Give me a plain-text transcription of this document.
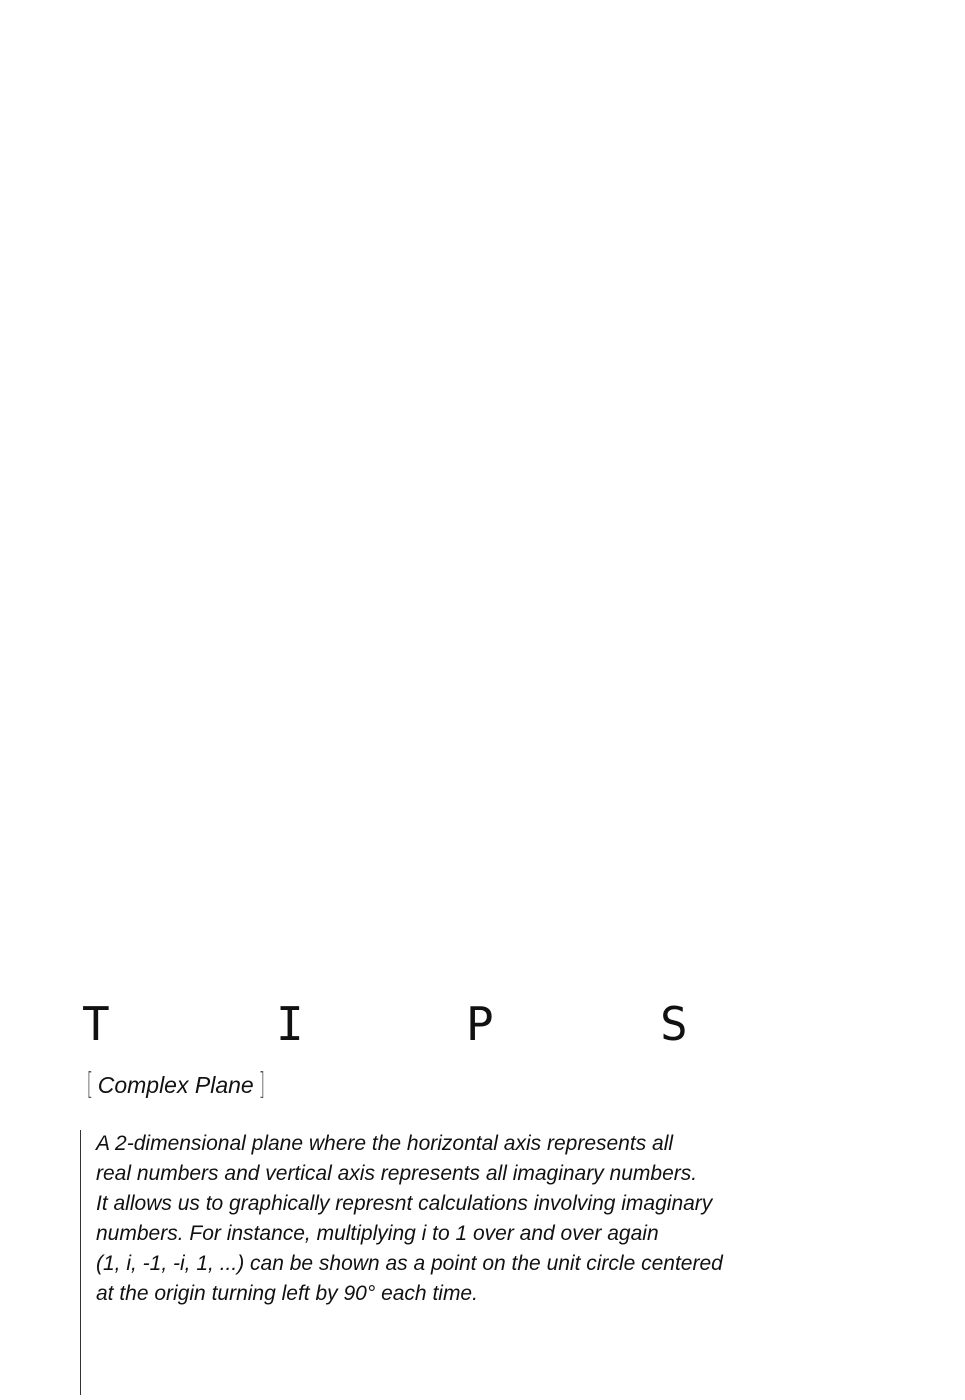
T	I	P	S
[ Complex Plane ]
A 2-dimensional plane where the horizontal axis represents all
real numbers and vertical axis represents all imaginary numbers.
It allows us to graphically represnt calculations involving imaginary
numbers. For instance, multiplying i to 1 over and over again
(1, i, -1, -i, 1, ...) can be shown as a point on the unit circle centered
at the origin turning left by 90° each time.
